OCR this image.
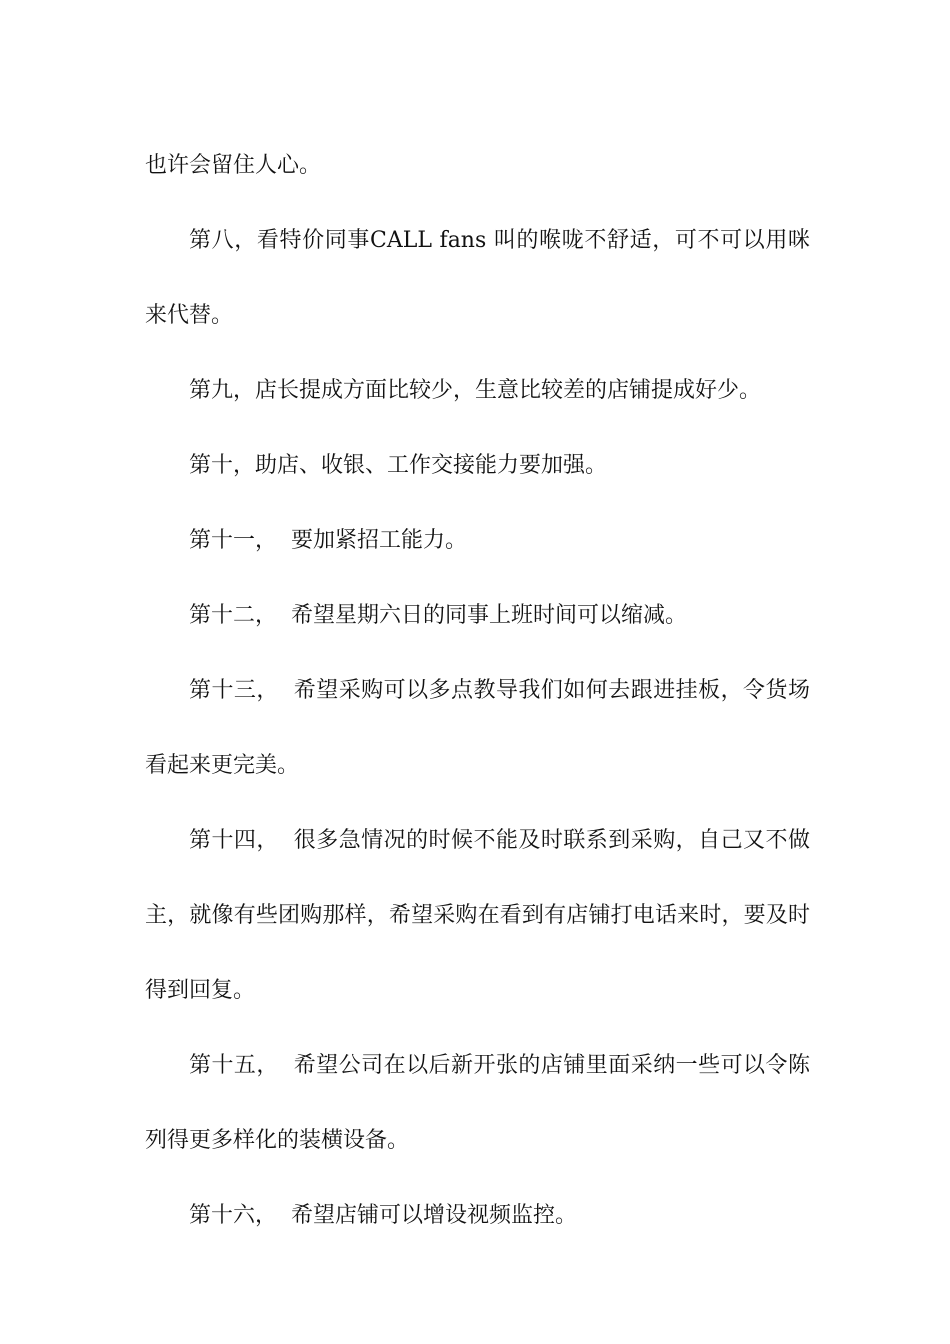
也许会留住人心。

第八，看特价同事CALL fans 叫的喉咙不舒适，可不可以用咪来代替。

第九，店长提成方面比较少，生意比较差的店铺提成好少。

第十，助店、收银、工作交接能力要加强。

第十一，  要加紧招工能力。

第十二，  希望星期六日的同事上班时间可以缩减。

第十三，  希望采购可以多点教导我们如何去跟进挂板，令货场看起来更完美。

第十四，  很多急情况的时候不能及时联系到采购，自己又不做主，就像有些团购那样，希望采购在看到有店铺打电话来时，要及时得到回复。

第十五，  希望公司在以后新开张的店铺里面采纳一些可以令陈列得更多样化的装横设备。

第十六，  希望店铺可以增设视频监控。
